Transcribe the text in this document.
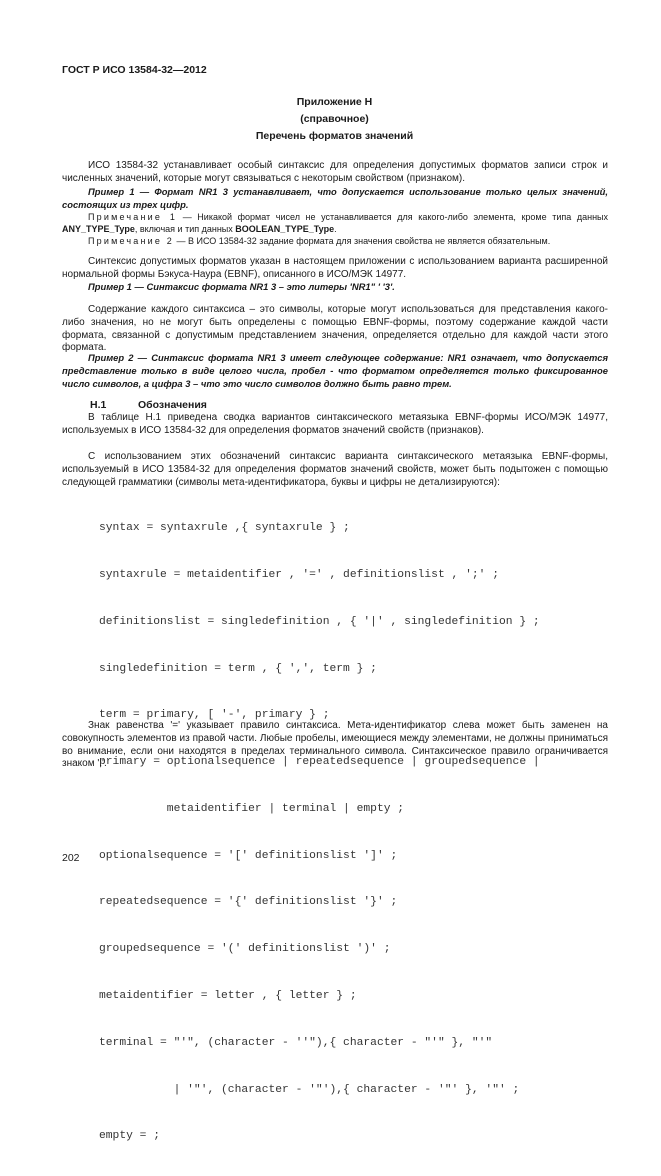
ГОСТ Р ИСО 13584-32—2012
Приложение H
(справочное)
Перечень форматов значений
ИСО 13584-32 устанавливает особый синтаксис для определения допустимых форматов записи строк и численных значений, которые могут связываться с некоторым свойством (признаком).
Пример 1 — Формат NR1 3 устанавливает, что допускается использование только целых значений, состоящих из трех цифр.
Примечание 1 — Никакой формат чисел не устанавливается для какого-либо элемента, кроме типа данных ANY_TYPE_Type, включая и тип данных BOOLEAN_TYPE_Type.
Примечание 2 — В ИСО 13584-32 задание формата для значения свойства не является обязательным.
Синтексис допустимых форматов указан в настоящем приложении с использованием варианта расширенной нормальной формы Бэкуса-Наура (EBNF), описанного в ИСО/МЭК 14977.
Пример 1 — Синтаксис формата NR1 3 – это литеры 'NR1" ' '3'.
Содержание каждого синтаксиса – это символы, которые могут использоваться для представления какого-либо значения, но не могут быть определены с помощью EBNF-формы, поэтому содержание каждой части формата, связанной с допустимым представлением значения, определяется отдельно для каждой части этого формата.
Пример 2 — Синтаксис формата NR1 3 имеет следующее содержание: NR1 означает, что допускается представление только в виде целого числа, пробел - что форматом определяется только фиксированное число символов, а цифра 3 – что это число символов должно быть равно трем.
H.1	Обозначения
В таблице H.1 приведена сводка вариантов синтаксического метаязыка EBNF-формы ИСО/МЭК 14977, используемых в ИСО 13584-32 для определения форматов значений свойств (признаков).
С использованием этих обозначений синтаксис варианта синтаксического метаязыка EBNF-формы, используемый в ИСО 13584-32 для определения форматов значений свойств, может быть подытожен с помощью следующей грамматики (символы мета-идентификатора, буквы и цифры не детализируются):

syntax = syntaxrule ,{ syntaxrule } ;

syntaxrule = metaidentifier , '=' , definitionslist , ';' ;

definitionslist = singledefinition , { '|' , singledefinition } ;

singledefinition = term , { ',', term } ;

term = primary, [ '-', primary } ;

primary = optionalsequence | repeatedsequence | groupedsequence |

metaidentifier | terminal | empty ;

optionalsequence = '[' definitionslist ']' ;

repeatedsequence = '{' definitionslist '}' ;

groupedsequence = '(' definitionslist ')' ;

metaidentifier = letter , { letter } ;

terminal = "'", (character - ''"),{ character - "'" }, "'"

| '"', (character - '"'),{ character - '"' }, '"' ;

empty = ;

Знак равенства '=' указывает правило синтаксиса. Мета-идентификатор слева может быть заменен на совокупность элементов из правой части. Любые пробелы, имеющиеся между элементами, не должны приниматься во внимание, если они находятся в пределах терминального символа. Синтаксическое правило ограничивается знаком ';'.
202
